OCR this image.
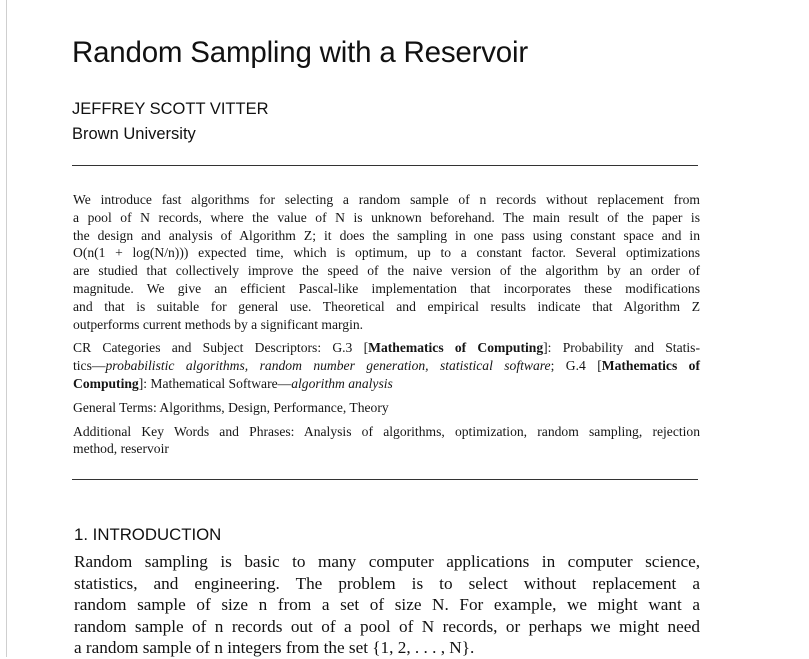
Random Sampling with a Reservoir
JEFFREY SCOTT VITTER
Brown University

We introduce fast algorithms for selecting a random sample of n records without replacement from
a pool of N records, where the value of N is unknown beforehand. The main result of the paper is
the design and analysis of Algorithm Z; it does the sampling in one pass using constant space and in
O(n(1 + log(N/n))) expected time, which is optimum, up to a constant factor. Several optimizations
are studied that collectively improve the speed of the naive version of the algorithm by an order of
magnitude. We give an efficient Pascal-like implementation that incorporates these modifications
and that is suitable for general use. Theoretical and empirical results indicate that Algorithm Z
outperforms current methods by a significant margin.

CR Categories and Subject Descriptors: G.3 [Mathematics of Computing]: Probability and Statis-
tics—probabilistic algorithms, random number generation, statistical software; G.4 [Mathematics of
Computing]: Mathematical Software—algorithm analysis

General Terms: Algorithms, Design, Performance, Theory

Additional Key Words and Phrases: Analysis of algorithms, optimization, random sampling, rejection
method, reservoir

1. INTRODUCTION
Random sampling is basic to many computer applications in computer science,
statistics, and engineering. The problem is to select without replacement a
random sample of size n from a set of size N. For example, we might want a
random sample of n records out of a pool of N records, or perhaps we might need
a random sample of n integers from the set {1, 2, . . . , N}.
